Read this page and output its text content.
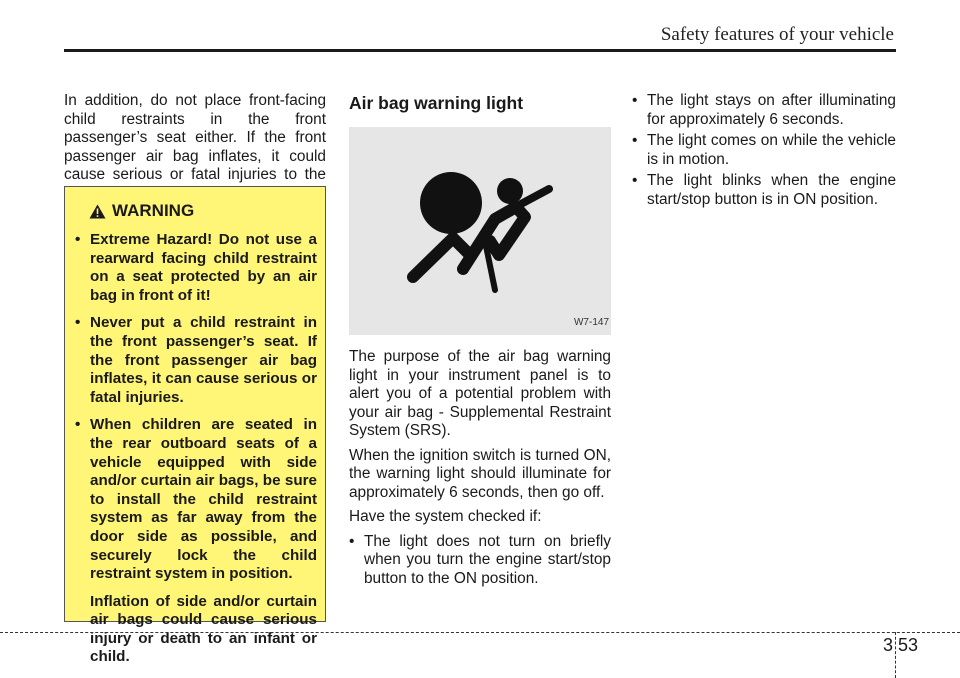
Safety features of your vehicle

In addition, do not place front-facing child restraints in the front passenger’s seat either. If the front passenger air bag inflates, it could cause serious or fatal injuries to the

WARNING
• Extreme Hazard! Do not use a rearward facing child restraint on a seat protected by an air bag in front of it!
• Never put a child restraint in the front passenger’s seat. If the front passenger air bag inflates, it can cause serious or fatal injuries.
• When children are seated in the rear outboard seats of a vehicle equipped with side and/or curtain air bags, be sure to install the child restraint system as far away from the door side as possible, and securely lock the child restraint system in position.
Inflation of side and/or curtain air bags could cause serious injury or death to an infant or child.
Air bag warning light
W7-147

The purpose of the air bag warning light in your instrument panel is to alert you of a potential problem with your air bag - Supplemental Restraint System (SRS).

When the ignition switch is turned ON, the warning light should illuminate for approximately 6 seconds, then go off.

Have the system checked if:

• The light does not turn on briefly when you turn the engine start/stop button to the ON position.
• The light stays on after illuminating for approximately 6 seconds.
• The light comes on while the vehicle is in motion.
• The light blinks when the engine start/stop button is in ON position.
3 53
